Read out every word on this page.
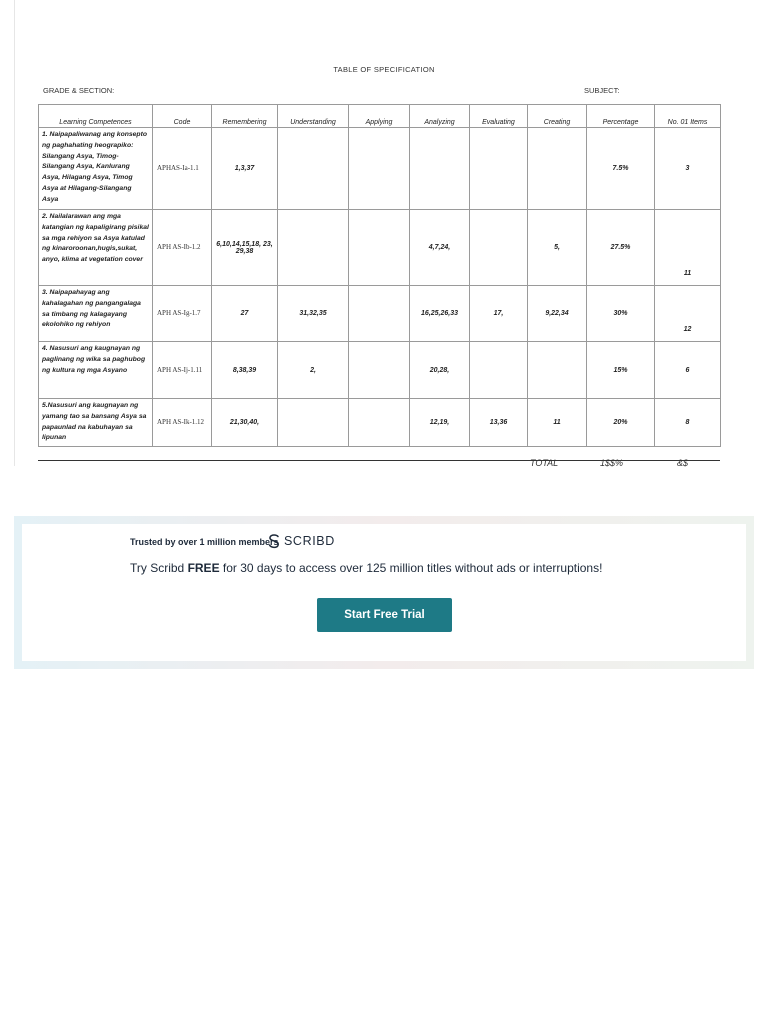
TABLE OF SPECIFICATION
GRADE & SECTION:	SUBJECT:
Learning Competences	Code	Remembering	Understanding	Applying	Analyzing	Evaluating	Creating	Percentage	No. 01 Items
1. Naipapaliwanag ang konsepto ng paghahating heograpiko: Silangang Asya, Timog-Silangang Asya, Kanlurang Asya, Hilagang Asya, Timog Asya at Hilagang-Silangang Asya	APHAS-Ia-1.1	1,3,37						7.5%	3
2. Nailalarawan ang mga katangian ng kapaligirang pisikal sa mga rehiyon sa Asya katulad ng kinaroroonan,hugis,sukat, anyo, klima at vegetation cover	APH AS-Ib-1.2	6,10,14,15,18, 23, 29,38			4,7,24,		5,	27.5%	11
3. Naipapahayag ang kahalagahan ng pangangalaga sa timbang ng kalagayang ekolohiko ng rehiyon	APH AS-Ig-1.7	27	31,32,35		16,25,26,33	17,	9,22,34	30%	12
4. Nasusuri ang kaugnayan ng paglinang ng wika sa paghubog ng kultura ng mga Asyano	APH AS-Ij-1.11	8,38,39	2,		20,28,			15%	6
5.Nasusuri ang kaugnayan ng yamang tao sa bansang Asya sa papaunlad na kabuhayan sa lipunan	APH AS-Ik-1.12	21,30,40,			12,19,	13,36	11	20%	8
TOTAL	1$$%	&$
Trusted by over 1 million members SCRIBD
Try Scribd FREE for 30 days to access over 125 million titles without ads or interruptions!
Start Free Trial
